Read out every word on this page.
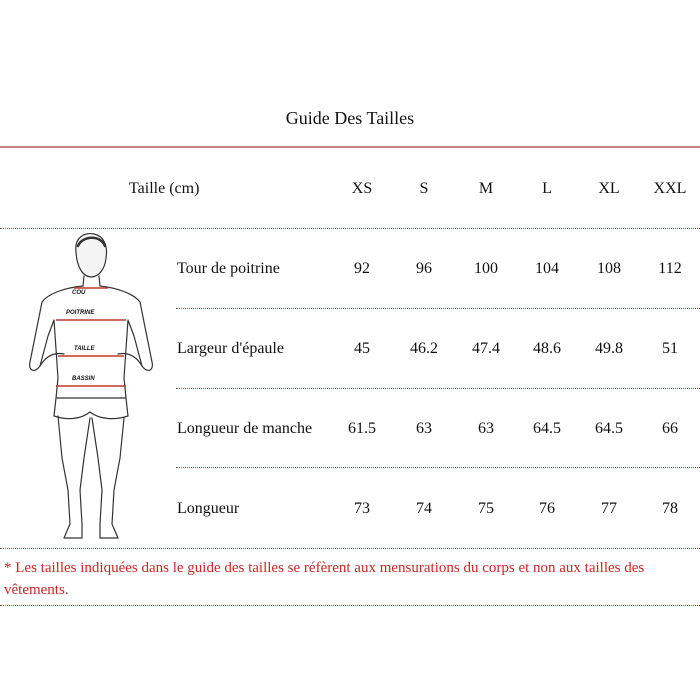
Guide Des Tailles
Taille (cm)	XS	S	M	L	XL	XXL
Tour de poitrine	92	96	100	104	108	112
Largeur d'épaule	45	46.2	47.4	48.6	49.8	51
Longueur de manche	61.5	63	63	64.5	64.5	66
Longueur	73	74	75	76	77	78
COU
POITRINE
TAILLE
BASSIN
* Les tailles indiquées dans le guide des tailles se réfèrent aux mensurations du corps et non aux tailles des vêtements.
